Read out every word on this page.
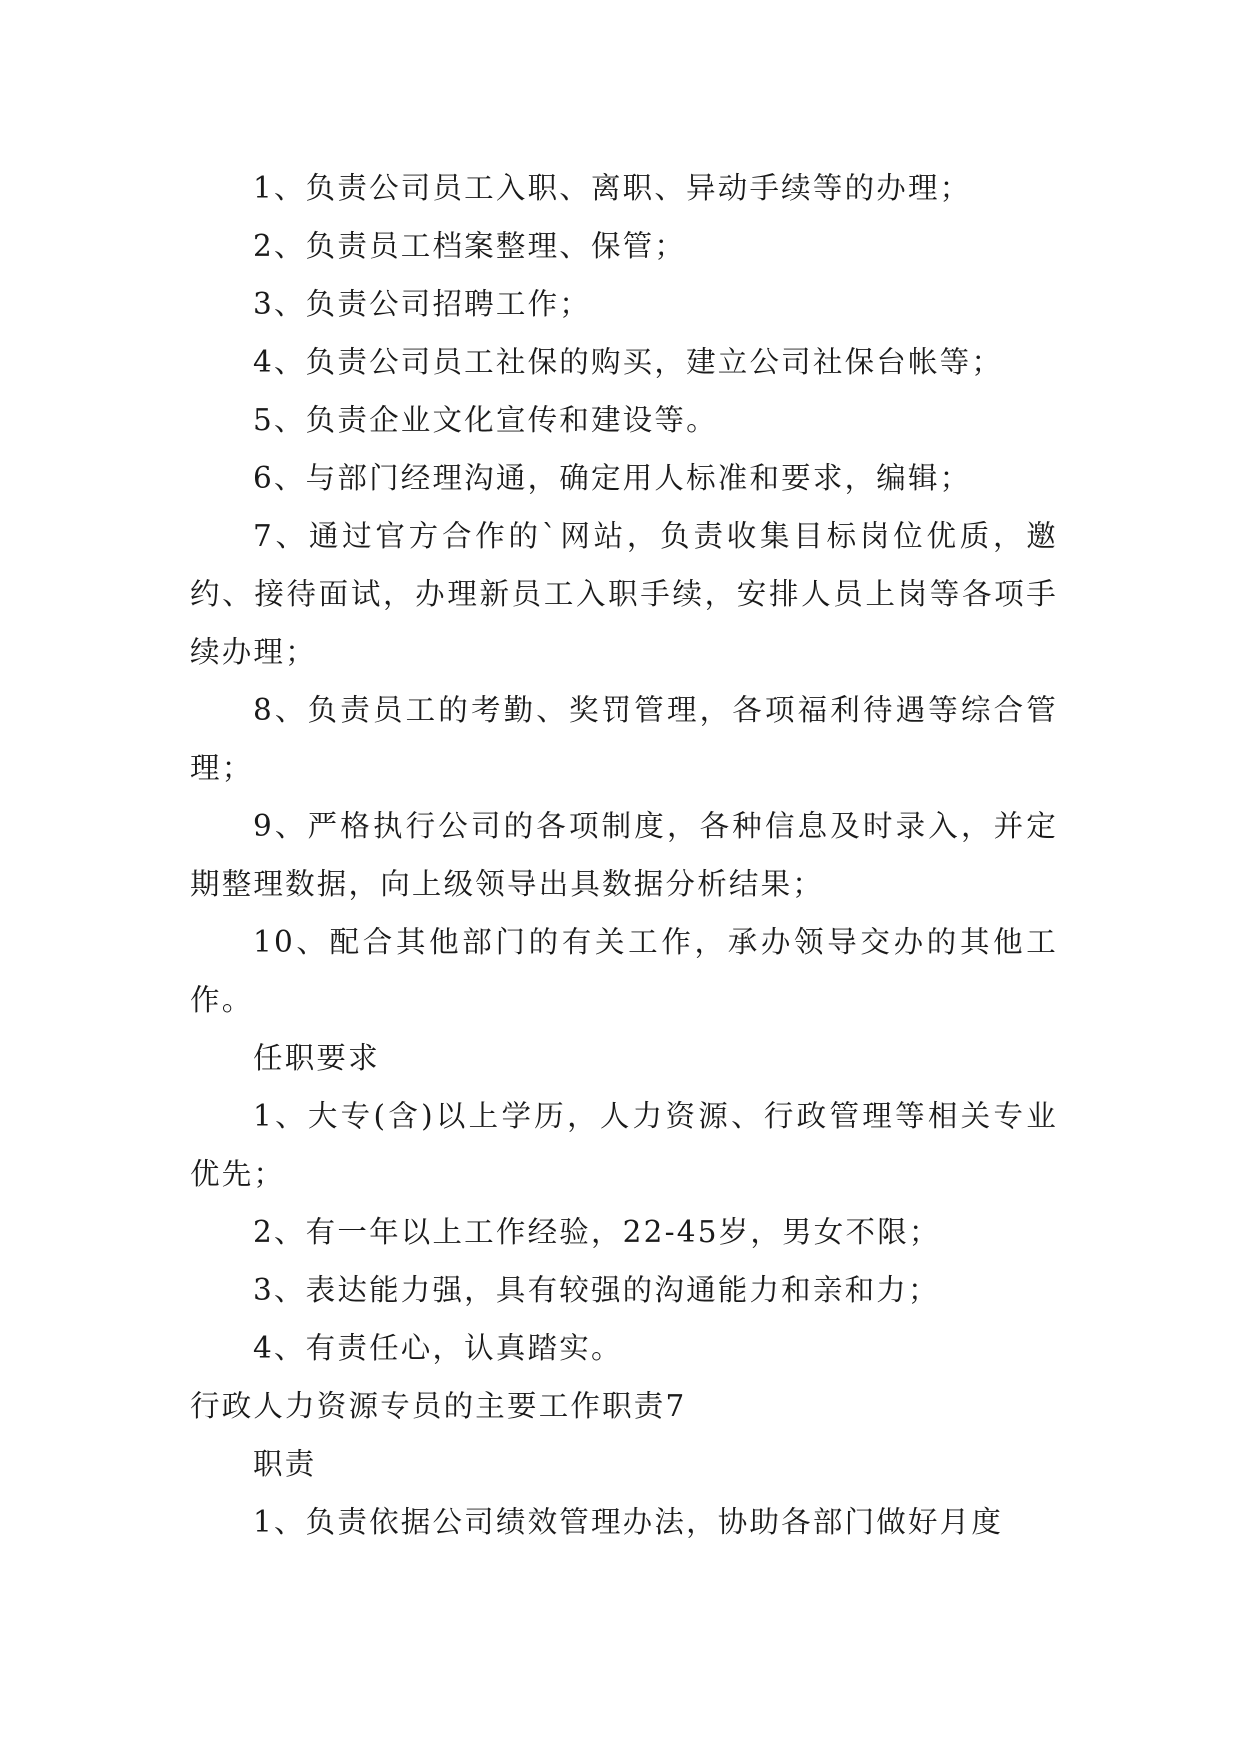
1、负责公司员工入职、离职、异动手续等的办理；

2、负责员工档案整理、保管；

3、负责公司招聘工作；

4、负责公司员工社保的购买，建立公司社保台帐等；

5、负责企业文化宣传和建设等。

6、与部门经理沟通，确定用人标准和要求，编辑；

7、通过官方合作的`网站，负责收集目标岗位优质，邀约、接待面试，办理新员工入职手续，安排人员上岗等各项手续办理；

8、负责员工的考勤、奖罚管理，各项福利待遇等综合管理；

9、严格执行公司的各项制度，各种信息及时录入，并定期整理数据，向上级领导出具数据分析结果；

10、配合其他部门的有关工作，承办领导交办的其他工作。

任职要求

1、大专(含)以上学历，人力资源、行政管理等相关专业优先；

2、有一年以上工作经验，22-45岁，男女不限；

3、表达能力强，具有较强的沟通能力和亲和力；

4、有责任心，认真踏实。

行政人力资源专员的主要工作职责7

职责

1、负责依据公司绩效管理办法，协助各部门做好月度
